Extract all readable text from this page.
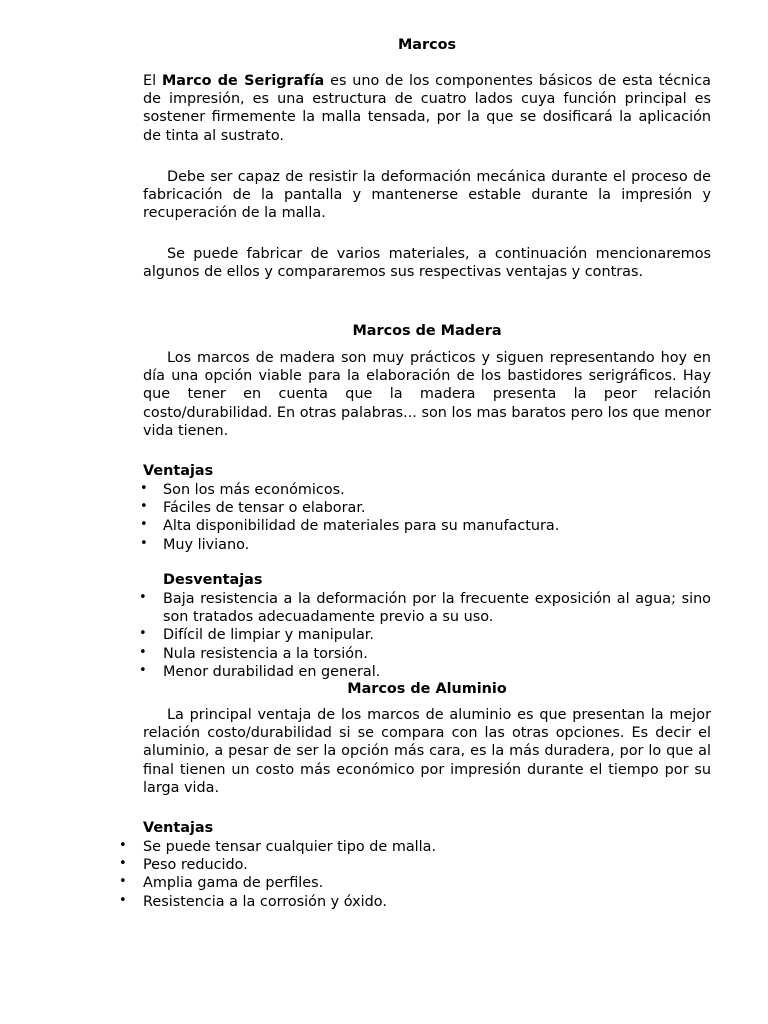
Marcos

El Marco de Serigrafía es uno de los componentes básicos de esta técnica de impresión, es una estructura de cuatro lados cuya función principal es sostener firmemente la malla tensada, por la que se dosificará la aplicación de tinta al sustrato.

Debe ser capaz de resistir la deformación mecánica durante el proceso de fabricación de la pantalla y mantenerse estable durante la impresión y recuperación de la malla.

Se puede fabricar de varios materiales, a continuación mencionaremos algunos de ellos y compararemos sus respectivas ventajas y contras.

Marcos de Madera

Los marcos de madera son muy prácticos y siguen representando hoy en día una opción viable para la elaboración de los bastidores serigráficos. Hay que tener en cuenta que la madera presenta la peor relación costo/durabilidad. En otras palabras... son los mas baratos pero los que menor vida tienen.

Ventajas
• Son los más económicos.
• Fáciles de tensar o elaborar.
• Alta disponibilidad de materiales para su manufactura.
• Muy liviano.
Desventajas
• Baja resistencia a la deformación por la frecuente exposición al agua; sino son tratados adecuadamente previo a su uso.
• Difícil de limpiar y manipular.
• Nula resistencia a la torsión.
• Menor durabilidad en general.
Marcos de Aluminio

La principal ventaja de los marcos de aluminio es que presentan la mejor relación costo/durabilidad si se compara con las otras opciones. Es decir el aluminio, a pesar de ser la opción más cara, es la más duradera, por lo que al final tienen un costo más económico por impresión durante el tiempo por su larga vida.

Ventajas
• Se puede tensar cualquier tipo de malla.
• Peso reducido.
• Amplia gama de perfiles.
• Resistencia a la corrosión y óxido.
